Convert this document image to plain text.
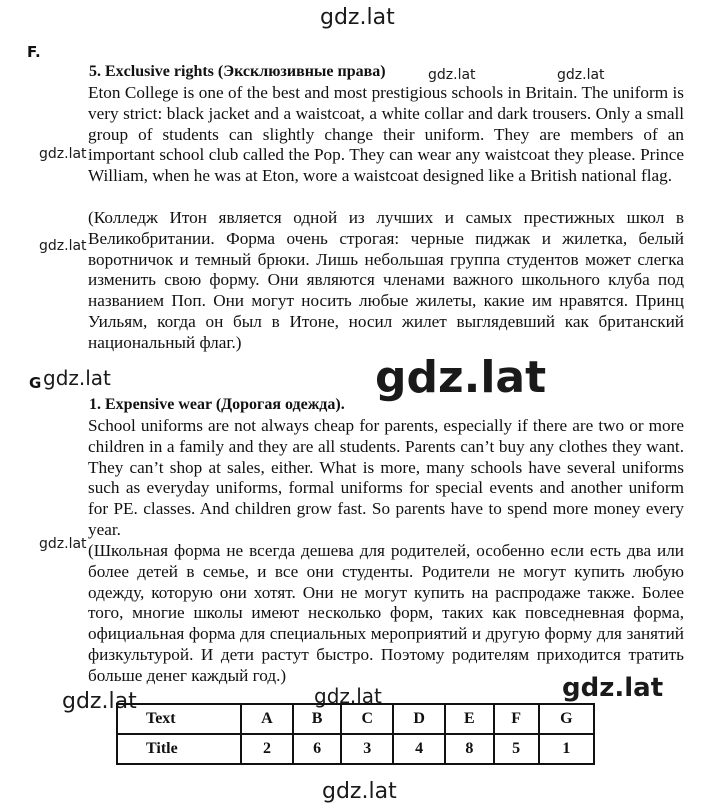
gdz.lat
gdz.lat	gdz.lat
gdz.lat
gdz.lat
gdz.lat	gdz.lat
gdz.lat
gdz.lat	gdz.lat	gdz.lat
gdz.lat
F.
5. Exclusive rights (Эксклюзивные права)
Eton College is one of the best and most prestigious schools in Britain. The uniform is very strict: black jacket and a waistcoat, a white collar and dark trousers. Only a small group of students can slightly change their uniform. They are members of an important school club called the Pop. They can wear any waistcoat they please. Prince William, when he was at Eton, wore a waistcoat designed like a British national flag.
(Колледж Итон является одной из лучших и самых престижных школ в Великобритании. Форма очень строгая: черные пиджак и жилетка, белый воротничок и темный брюки. Лишь небольшая группа студентов может слегка изменить свою форму. Они являются членами важного школьного клуба под названием Поп. Они могут носить любые жилеты, какие им нравятся. Принц Уильям, когда он был в Итоне, носил жилет выглядевший как британский национальный флаг.)
G
1. Expensive wear (Дорогая одежда).
School uniforms are not always cheap for parents, especially if there are two or more children in a family and they are all students. Parents can’t buy any clothes they want. They can’t shop at sales, either. What is more, many schools have several uniforms such as everyday uniforms, formal uniforms for special events and another uniform for PE. classes. And children grow fast. So parents have to spend more money every year.
(Школьная форма не всегда дешева для родителей, особенно если есть два или более детей в семье, и все они студенты. Родители не могут купить любую одежду, которую они хотят. Они не могут купить на распродаже также. Более того, многие школы имеют несколько форм, таких как повседневная форма, официальная форма для специальных мероприятий и другую форму для занятий физкультурой. И дети растут быстро. Поэтому родителям приходится тратить больше денег каждый год.)
Text	A	B	C	D	E	F	G
Title	2	6	3	4	8	5	1
